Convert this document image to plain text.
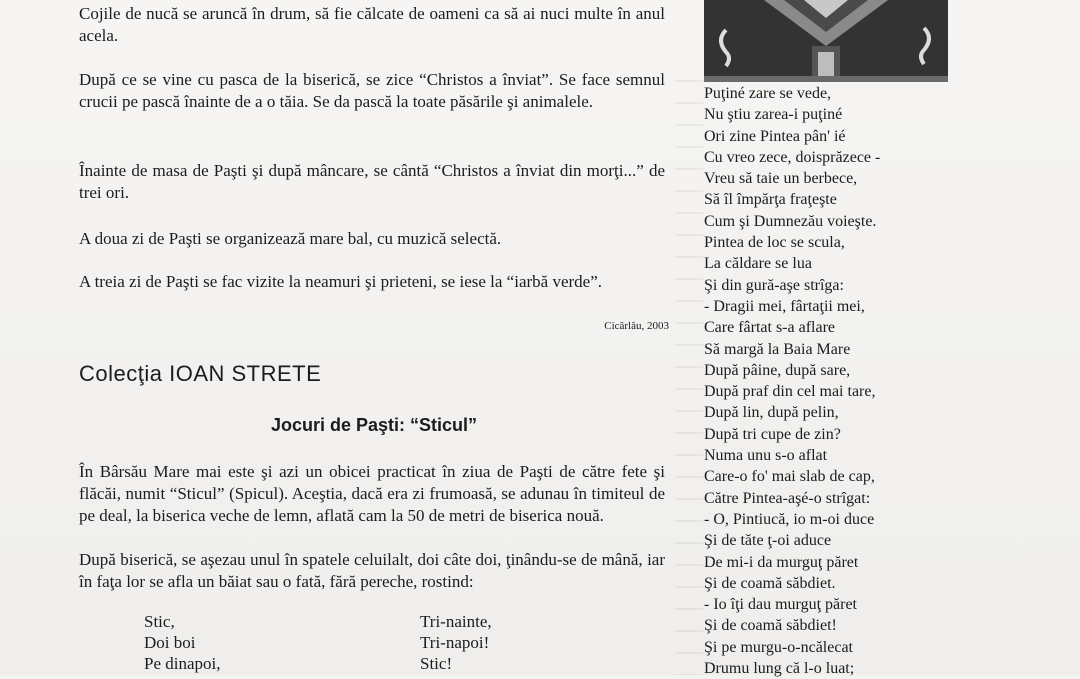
Cojile de nucă se aruncă în drum, să fie călcate de oameni ca să ai nuci multe în anul acela.

După ce se vine cu pasca de la biserică, se zice “Christos a înviat”. Se face semnul crucii pe pască înainte de a o tăia. Se da pască la toate păsările şi animalele.

Înainte de masa de Paşti şi după mâncare, se cântă “Christos a înviat din morţi...” de trei ori.

A doua zi de Paşti se organizează mare bal, cu muzică selectă.

A treia zi de Paşti se fac vizite la neamuri şi prieteni, se iese la “iarbă verde”.

Cicărlău, 2003
Colecţia IOAN STRETE
Jocuri de Paşti: “Sticul”

În Bârsău Mare mai este şi azi un obicei practicat în ziua de Paşti de către fete şi flăcăi, numit “Sticul” (Spicul). Aceştia, dacă era zi frumoasă, se adunau în timiteul de pe deal, la biserica veche de lemn, aflată cam la 50 de metri de biserica nouă.

După biserică, se aşezau unul în spatele celuilalt, doi câte doi, ţinându-se de mână, iar în faţa lor se afla un băiat sau o fată, fără pereche, rostind:

Stic,
Doi boi
Pe dinapoi,

Tri-nainte,
Tri-napoi!
Stic!

Puţiné zare se vede,
Nu ştiu zarea-i puţiné
Ori zine Pintea pân' ié
Cu vreo zece, doisprăzece -
Vreu să taie un berbece,
Să îl împărţa fraţeşte
Cum şi Dumnezău voieşte.
Pintea de loc se scula,
La căldare se lua
Şi din gură-aşe strîga:
- Dragii mei, fârtaţii mei,
Care fârtat s-a aflare
Să margă la Baia Mare
După pâine, după sare,
După praf din cel mai tare,
După lin, după pelin,
După tri cupe de zin?
Numa unu s-o aflat
Care-o fo' mai slab de cap,
Către Pintea-aşé-o strîgat:
- O, Pintiucă, io m-oi duce
Şi de tăte ţ-oi aduce
De mi-i da murguţ păret
Şi de coamă săbdiet.
- Io îţi dau murguţ păret
Şi de coamă săbdiet!
Şi pe murgu-o-ncălecat
Drumu lung că l-o luat;
